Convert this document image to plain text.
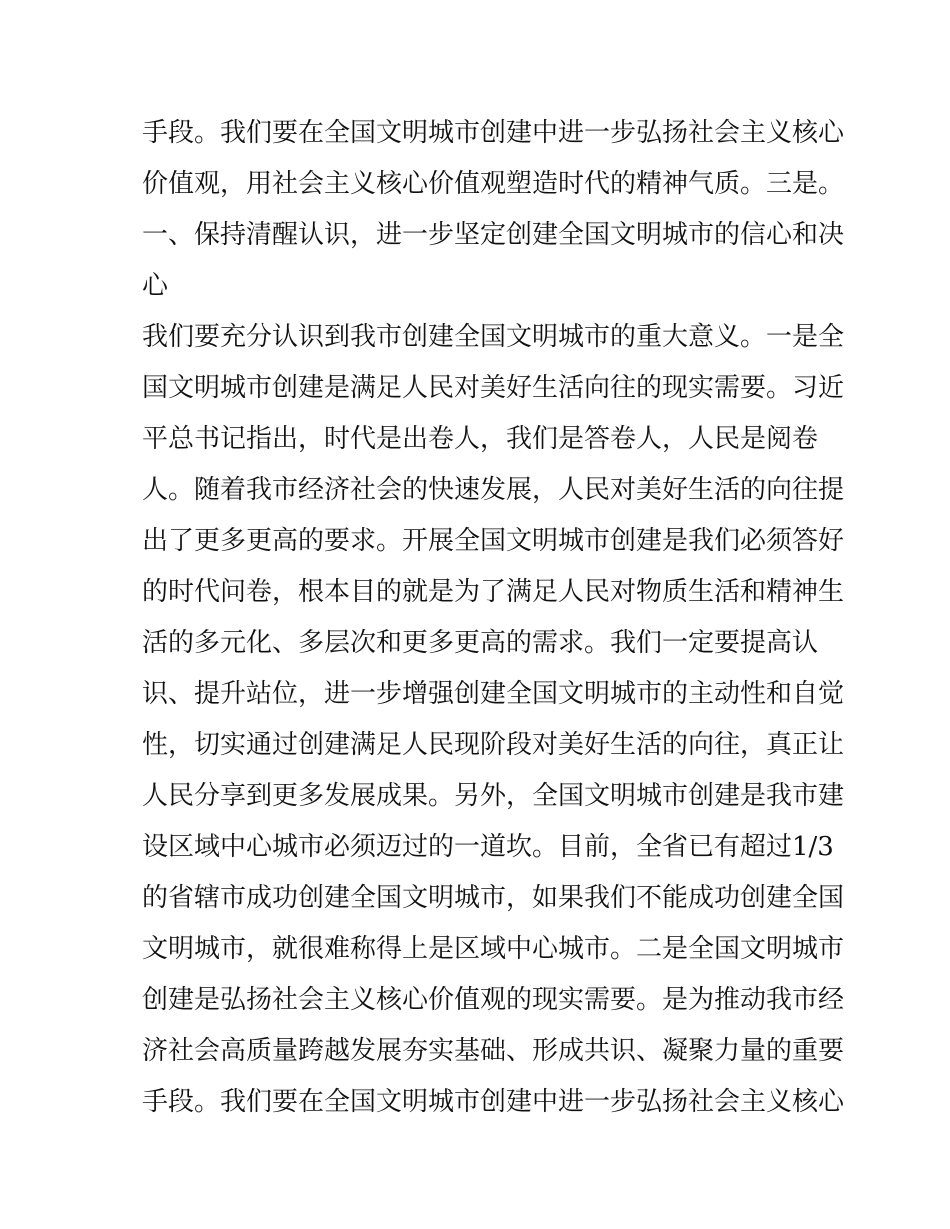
手段。我们要在全国文明城市创建中进一步弘扬社会主义核心

价值观，用社会主义核心价值观塑造时代的精神气质。三是。

一、保持清醒认识，进一步坚定创建全国文明城市的信心和决

心

我们要充分认识到我市创建全国文明城市的重大意义。一是全

国文明城市创建是满足人民对美好生活向往的现实需要。习近

平总书记指出，时代是出卷人，我们是答卷人，人民是阅卷

人。随着我市经济社会的快速发展，人民对美好生活的向往提

出了更多更高的要求。开展全国文明城市创建是我们必须答好

的时代问卷，根本目的就是为了满足人民对物质生活和精神生

活的多元化、多层次和更多更高的需求。我们一定要提高认

识、提升站位，进一步增强创建全国文明城市的主动性和自觉

性，切实通过创建满足人民现阶段对美好生活的向往，真正让

人民分享到更多发展成果。另外，全国文明城市创建是我市建

设区域中心城市必须迈过的一道坎。目前，全省已有超过1/3

的省辖市成功创建全国文明城市，如果我们不能成功创建全国

文明城市，就很难称得上是区域中心城市。二是全国文明城市

创建是弘扬社会主义核心价值观的现实需要。是为推动我市经

济社会高质量跨越发展夯实基础、形成共识、凝聚力量的重要

手段。我们要在全国文明城市创建中进一步弘扬社会主义核心
